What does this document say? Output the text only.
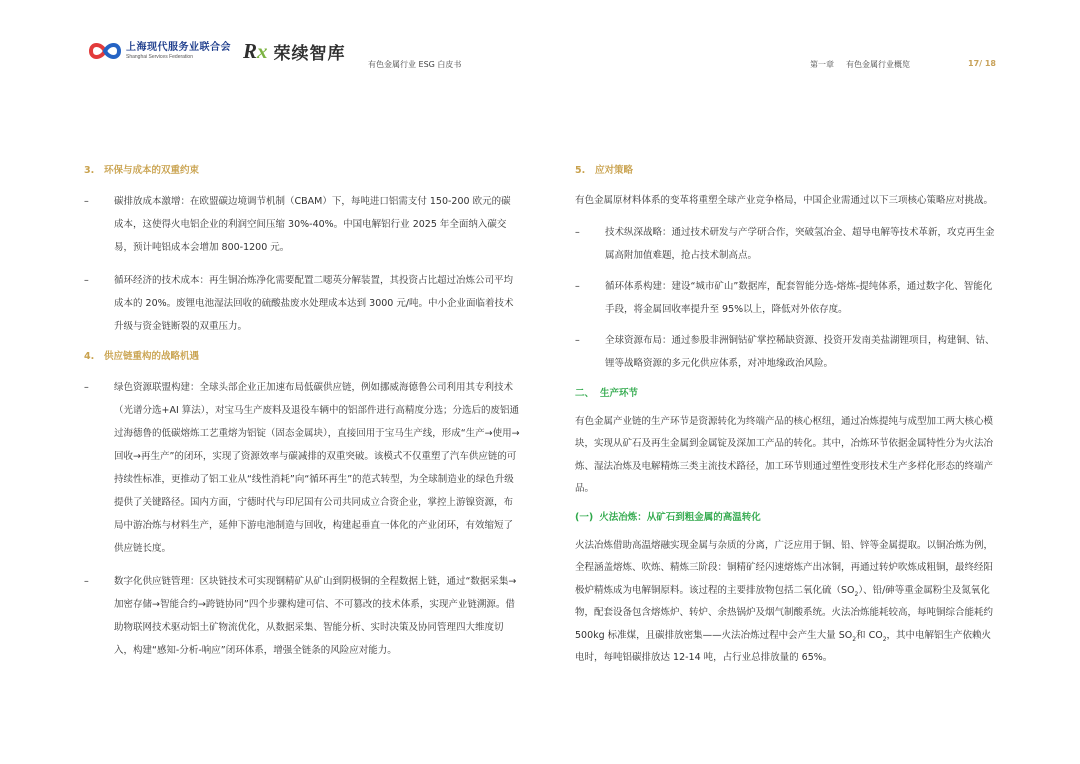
上海现代服务业联合会
Shanghai Services Federation	Rx 荣续智库
有色金属行业 ESG 白皮书	第一章 有色金属行业概览	17/ 18
3.	环保与成本的双重约束
–	碳排放成本激增：在欧盟碳边境调节机制（CBAM）下，每吨进口铝需支付 150-200 欧元的碳成本，这使得火电铝企业的利润空间压缩 30%-40%。中国电解铝行业 2025 年全面纳入碳交易，预计吨铝成本会增加 800-1200 元。
–	循环经济的技术成本：再生铜冶炼净化需要配置二噁英分解装置，其投资占比超过冶炼公司平均成本的 20%。废锂电池湿法回收的硫酸盐废水处理成本达到 3000 元/吨。中小企业面临着技术升级与资金链断裂的双重压力。
4.	供应链重构的战略机遇
–	绿色资源联盟构建：全球头部企业正加速布局低碳供应链，例如挪威海德鲁公司利用其专利技术（光谱分选+AI 算法），对宝马生产废料及退役车辆中的铝部件进行高精度分选；分选后的废铝通过海德鲁的低碳熔炼工艺重熔为铝锭（固态金属块），直接回用于宝马生产线，形成“生产→使用→回收→再生产”的闭环，实现了资源效率与碳减排的双重突破。该模式不仅重塑了汽车供应链的可持续性标准，更推动了铝工业从“线性消耗”向“循环再生”的范式转型，为全球制造业的绿色升级提供了关键路径。国内方面，宁德时代与印尼国有公司共同成立合资企业，掌控上游镍资源，布局中游冶炼与材料生产，延伸下游电池制造与回收，构建起垂直一体化的产业闭环，有效缩短了供应链长度。
–	数字化供应链管理：区块链技术可实现钢精矿从矿山到阴极铜的全程数据上链，通过“数据采集→加密存储→智能合约→跨链协同”四个步骤构建可信、不可篡改的技术体系，实现产业链溯源。借助物联网技术驱动铝土矿物流优化，从数据采集、智能分析、实时决策及协同管理四大维度切入，构建“感知-分析-响应”闭环体系，增强全链条的风险应对能力。
5.	应对策略
有色金属原材料体系的变革将重塑全球产业竞争格局，中国企业需通过以下三项核心策略应对挑战。
–	技术纵深战略：通过技术研发与产学研合作，突破氢冶金、超导电解等技术革新，攻克再生金属高附加值难题，抢占技术制高点。
–	循环体系构建：建设“城市矿山”数据库，配套智能分选-熔炼-提纯体系，通过数字化、智能化手段，将金属回收率提升至 95%以上，降低对外依存度。
–	全球资源布局：通过参股非洲铜钴矿掌控稀缺资源、投资开发南美盐湖锂项目，构建铜、钴、锂等战略资源的多元化供应体系，对冲地缘政治风险。
二、 生产环节
有色金属产业链的生产环节是资源转化为终端产品的核心枢纽，通过冶炼提纯与成型加工两大核心模块，实现从矿石及再生金属到金属锭及深加工产品的转化。其中，冶炼环节依据金属特性分为火法冶炼、湿法冶炼及电解精炼三类主流技术路径，加工环节则通过塑性变形技术生产多样化形态的终端产品。
(一) 火法冶炼：从矿石到粗金属的高温转化
火法冶炼借助高温熔融实现金属与杂质的分离，广泛应用于铜、铅、锌等金属提取。以铜冶炼为例，全程涵盖熔炼、吹炼、精炼三阶段：铜精矿经闪速熔炼产出冰铜，再通过转炉吹炼成粗铜，最终经阳极炉精炼成为电解铜原料。该过程的主要排放物包括二氧化硫$(SO_2)$、铅/砷等重金属粉尘及氮氧化物，配套设备包含熔炼炉、转炉、余热锅炉及烟气制酸系统。火法冶炼能耗较高，每吨铜综合能耗约 500kg 标准煤，且碳排放密集——火法冶炼过程中会产生大量 $SO_2$和 $CO_2$，其中电解铝生产依赖火电时，每吨铝碳排放达 12-14 吨，占行业总排放量的 65%。
